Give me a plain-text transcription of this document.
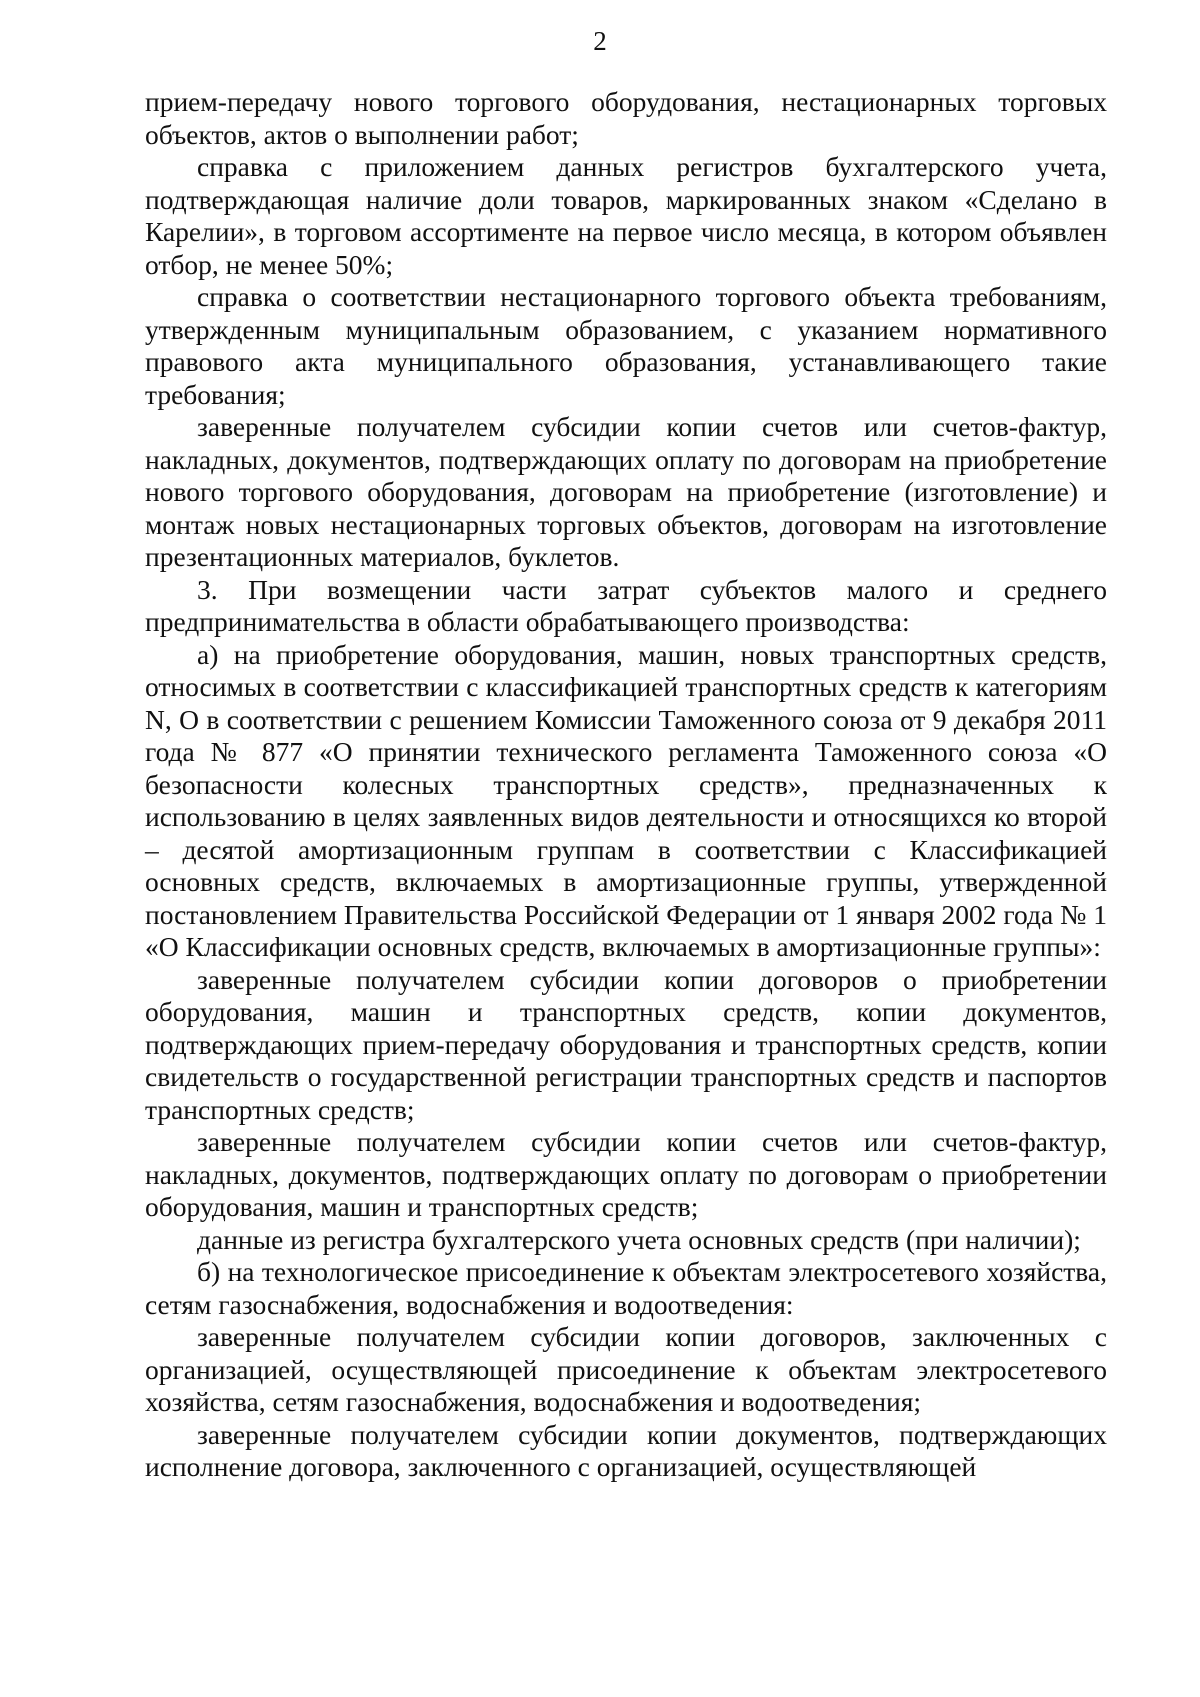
2

прием-передачу нового торгового оборудования, нестационарных торговых объектов, актов о выполнении работ;

справка с приложением данных регистров бухгалтерского учета, подтверждающая наличие доли товаров, маркированных знаком «Сделано в Карелии», в торговом ассортименте на первое число месяца, в котором объявлен отбор, не менее 50%;

справка о соответствии нестационарного торгового объекта требованиям, утвержденным муниципальным образованием, с указанием нормативного правового акта муниципального образования, устанавливающего такие требования;

заверенные получателем субсидии копии счетов или счетов-фактур, накладных, документов, подтверждающих оплату по договорам на приобретение нового торгового оборудования, договорам на приобретение (изготовление) и монтаж новых нестационарных торговых объектов, договорам на изготовление презентационных материалов, буклетов.

3. При возмещении части затрат субъектов малого и среднего предпринимательства в области обрабатывающего производства:

а) на приобретение оборудования, машин, новых транспортных средств, относимых в соответствии с классификацией транспортных средств к категориям N, O в соответствии с решением Комиссии Таможенного союза от 9 декабря 2011 года № 877 «О принятии технического регламента Таможенного союза «О безопасности колесных транспортных средств», предназначенных к использованию в целях заявленных видов деятельности и относящихся ко второй – десятой амортизационным группам в соответствии с Классификацией основных средств, включаемых в амортизационные группы, утвержденной постановлением Правительства Российской Федерации от 1 января 2002 года № 1 «О Классификации основных средств, включаемых в амортизационные группы»:

заверенные получателем субсидии копии договоров о приобретении оборудования, машин и транспортных средств, копии документов, подтверждающих прием-передачу оборудования и транспортных средств, копии свидетельств о государственной регистрации транспортных средств и паспортов транспортных средств;

заверенные получателем субсидии копии счетов или счетов-фактур, накладных, документов, подтверждающих оплату по договорам о приобретении оборудования, машин и транспортных средств;

данные из регистра бухгалтерского учета основных средств (при наличии);

б) на технологическое присоединение к объектам электросетевого хозяйства, сетям газоснабжения, водоснабжения и водоотведения:

заверенные получателем субсидии копии договоров, заключенных с организацией, осуществляющей присоединение к объектам электросетевого хозяйства, сетям газоснабжения, водоснабжения и водоотведения;

заверенные получателем субсидии копии документов, подтверждающих исполнение договора, заключенного с организацией, осуществляющей
